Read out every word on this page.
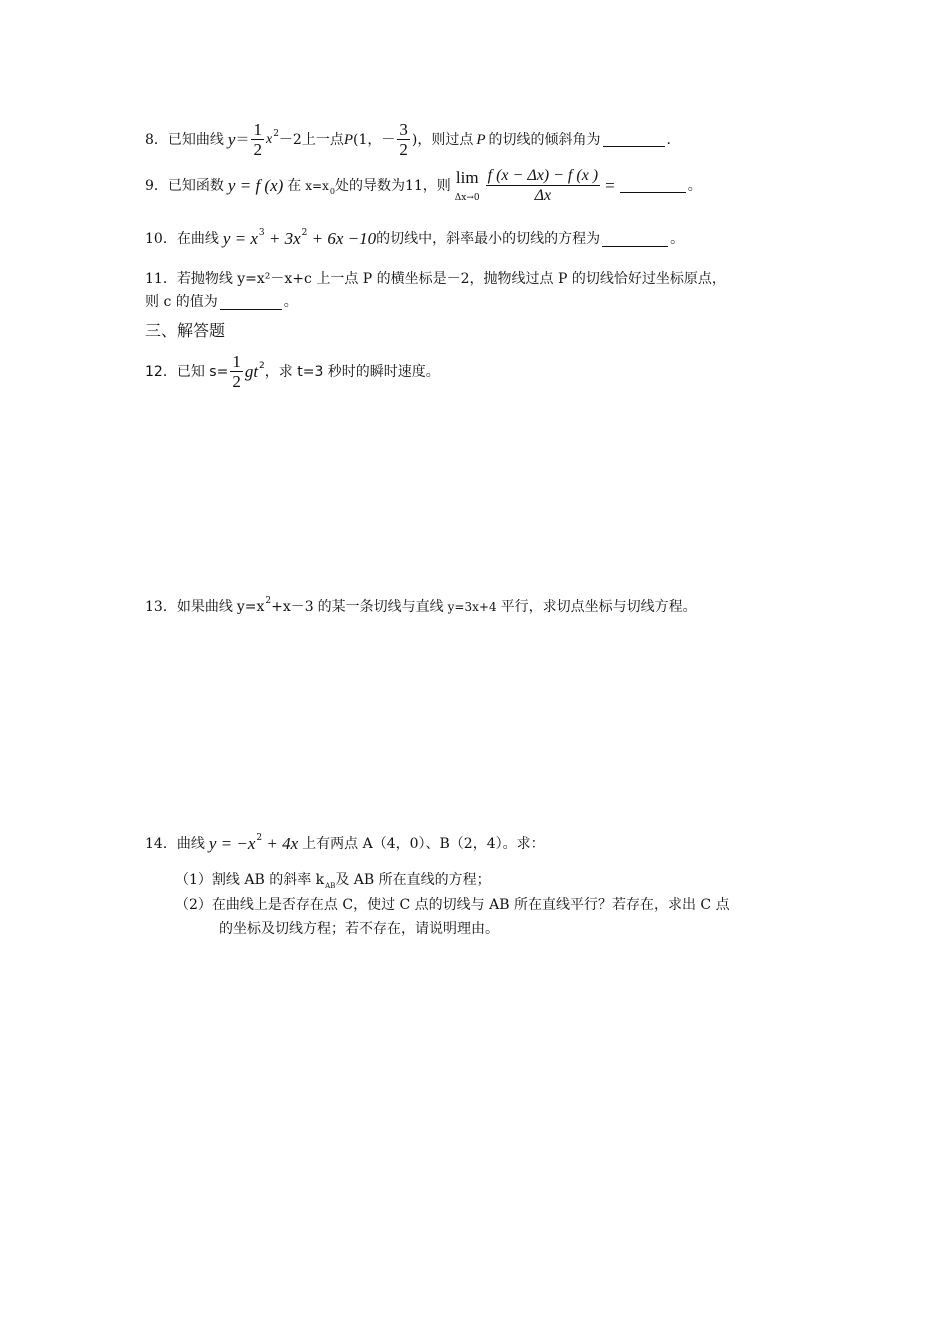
8． 已知曲线 $y = \frac{1}{2}$ x 2 －2 上一点 P (1，－ $\frac{3}{2}$ )， 则过点 P 的切线的倾斜角为	.
9． 已知函数 y = f (x) 在 x=x 0 处的导数为 11， 则 lim
$\Delta x\to 0 \frac{f (x - \Delta x) - f (x )}{\Delta x}$ =	。
10． 在曲线 y = x 3 + 3x 2 + 6x −10 的切线中，斜率最小的切线的方程为	。
11．若抛物线 y=x²－x+c 上一点 P 的横坐标是－2，抛物线过点 P 的切线恰好过坐标原点，
则 c 的值为	。
三、解答题
12． 已知 $s= \frac{1}{2}$ gt 2 ，求 t=3 秒时的瞬时速度。
13． 如果曲线 y=x 2 +x－3 的某一条切线与直线 y=3x+4 平行，求切点坐标与切线方程。
14． 曲线 y = −x 2 + 4x 上有两点 A（4，0）、B（2，4）。求：
（1）割线 AB 的斜率 k AB 及 AB 所在直线的方程；
（2）在曲线上是否存在点 C，使过 C 点的切线与 AB 所在直线平行？若存在，求出 C 点
的坐标及切线方程；若不存在，请说明理由。
